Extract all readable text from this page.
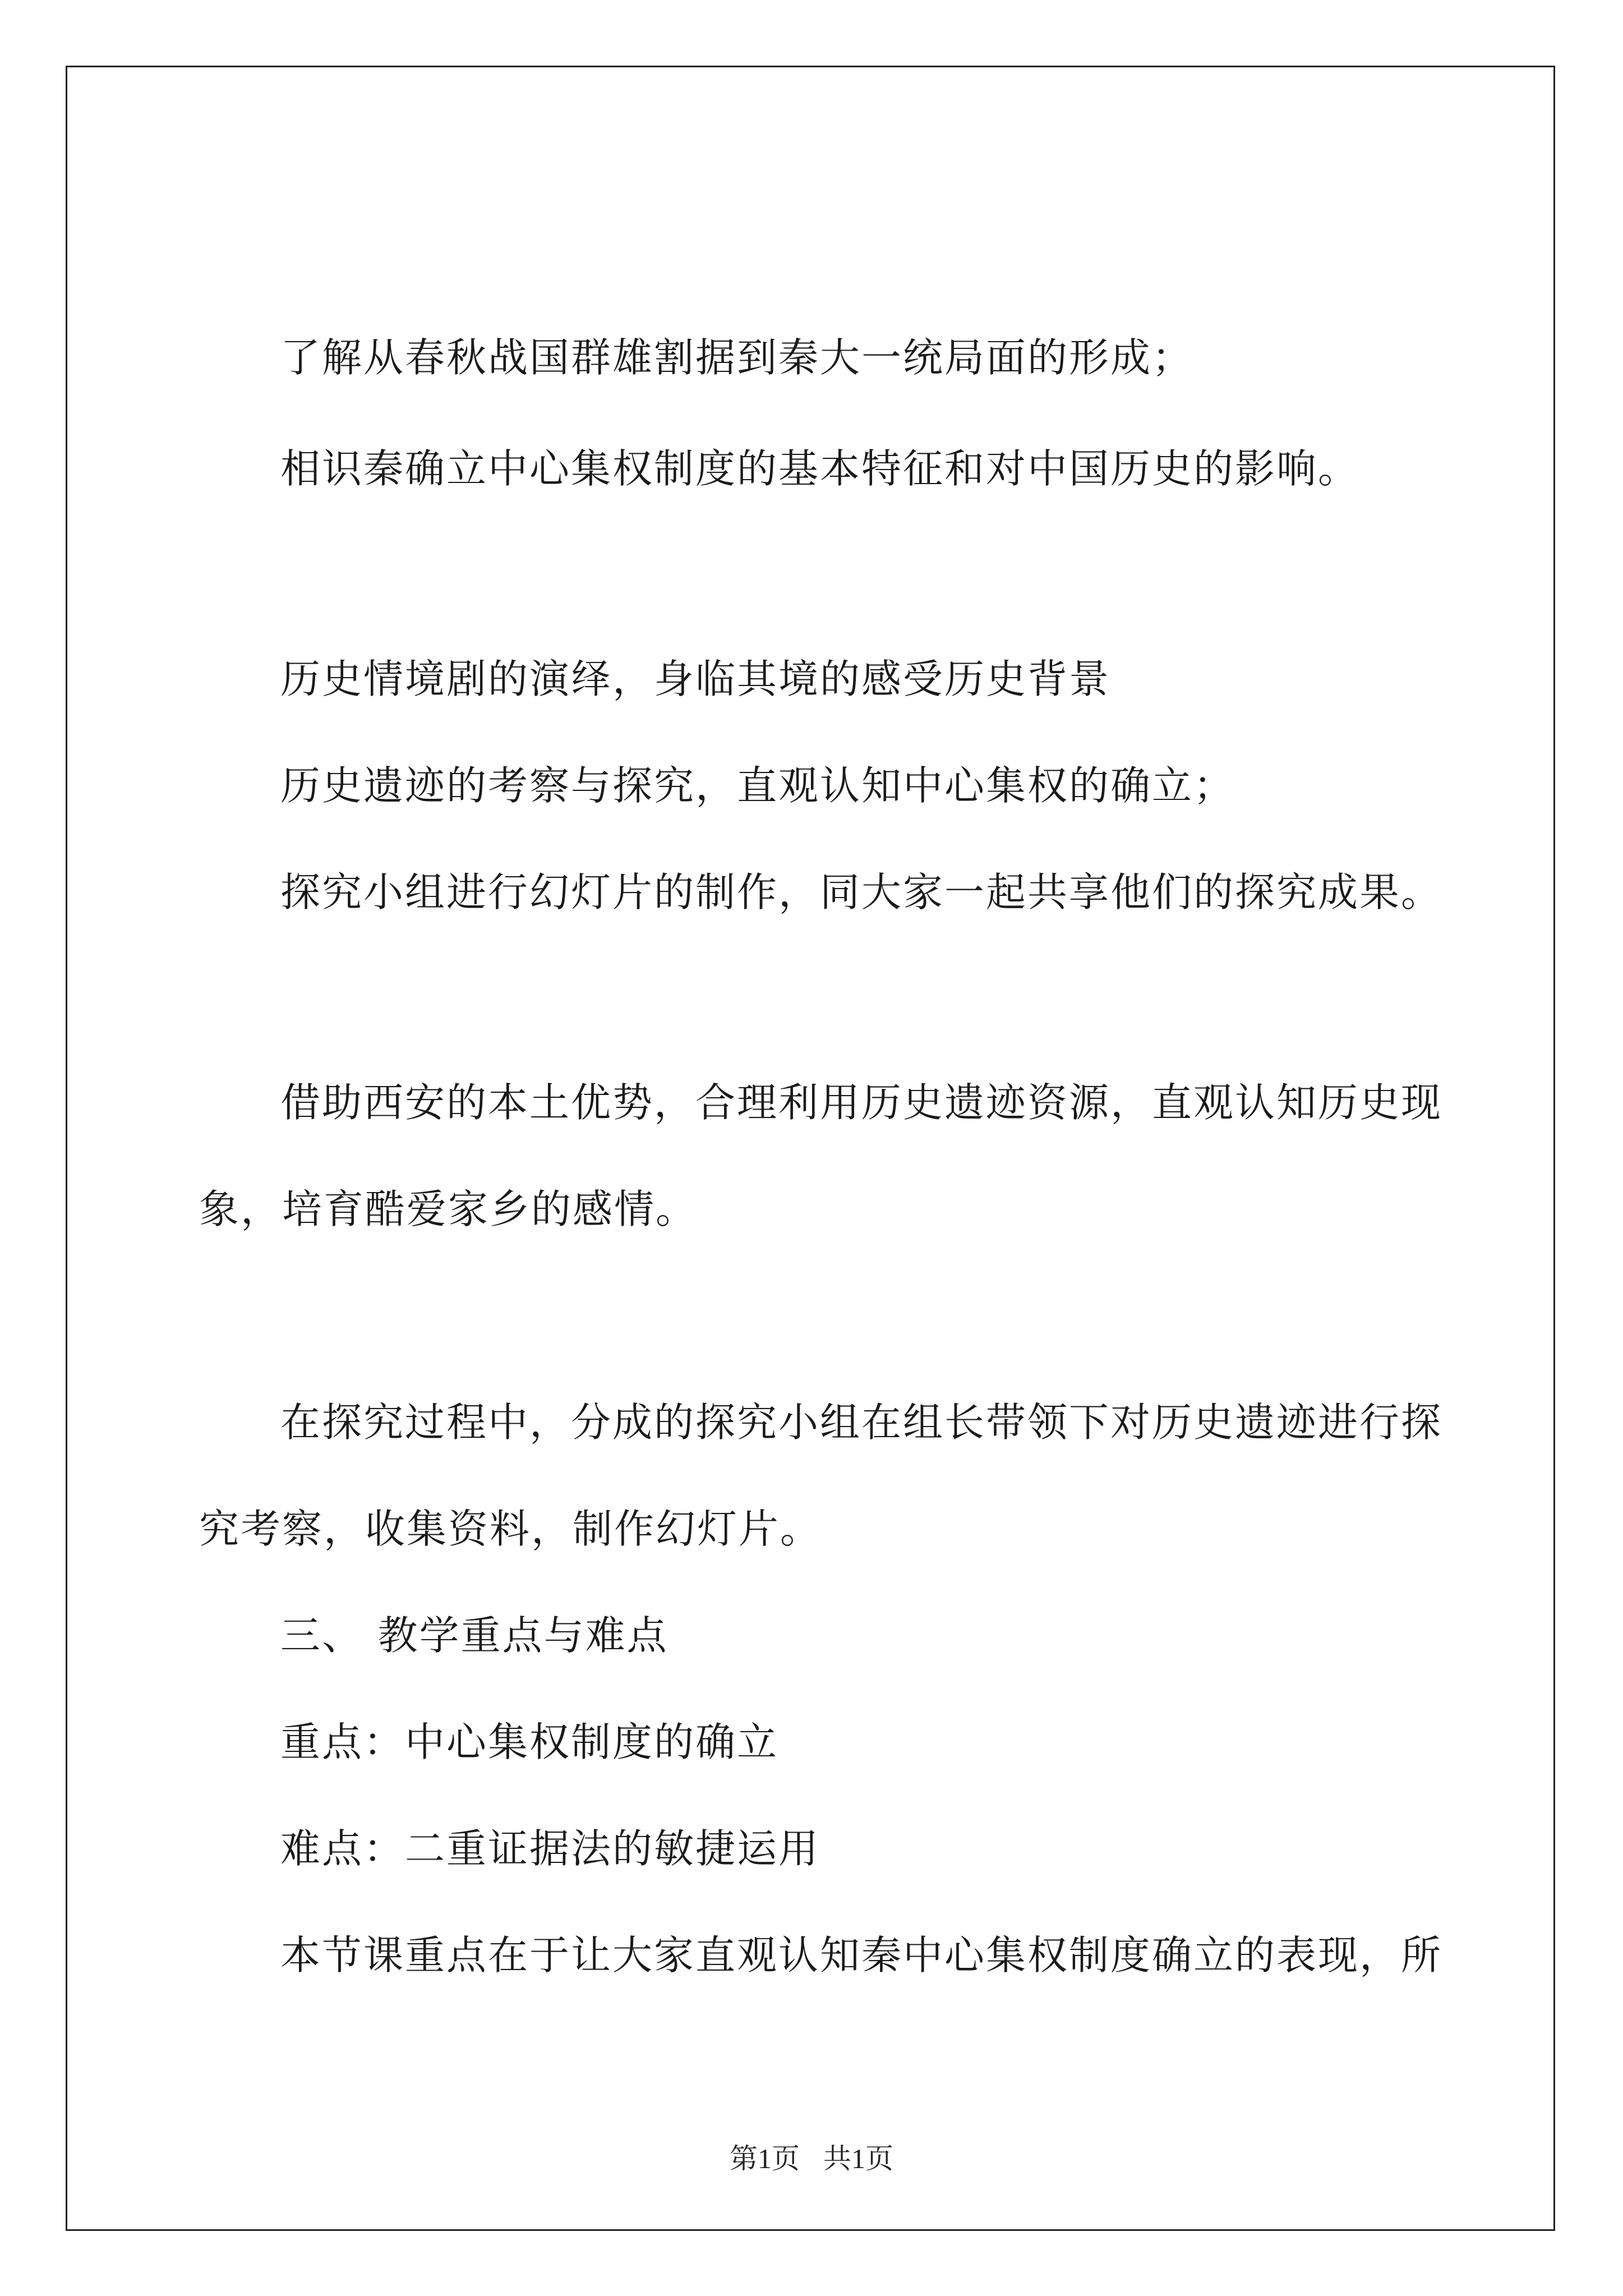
了解从春秋战国群雄割据到秦大一统局面的形成；
相识秦确立中心集权制度的基本特征和对中国历史的影响。
历史情境剧的演绎，身临其境的感受历史背景
历史遗迹的考察与探究，直观认知中心集权的确立；
探究小组进行幻灯片的制作，同大家一起共享他们的探究成果。
借助西安的本土优势，合理利用历史遗迹资源，直观认知历史现
象，培育酷爱家乡的感情。
在探究过程中，分成的探究小组在组长带领下对历史遗迹进行探
究考察，收集资料，制作幻灯片。
三、 教学重点与难点
重点：中心集权制度的确立
难点：二重证据法的敏捷运用
本节课重点在于让大家直观认知秦中心集权制度确立的表现，所
第1页 共1页
